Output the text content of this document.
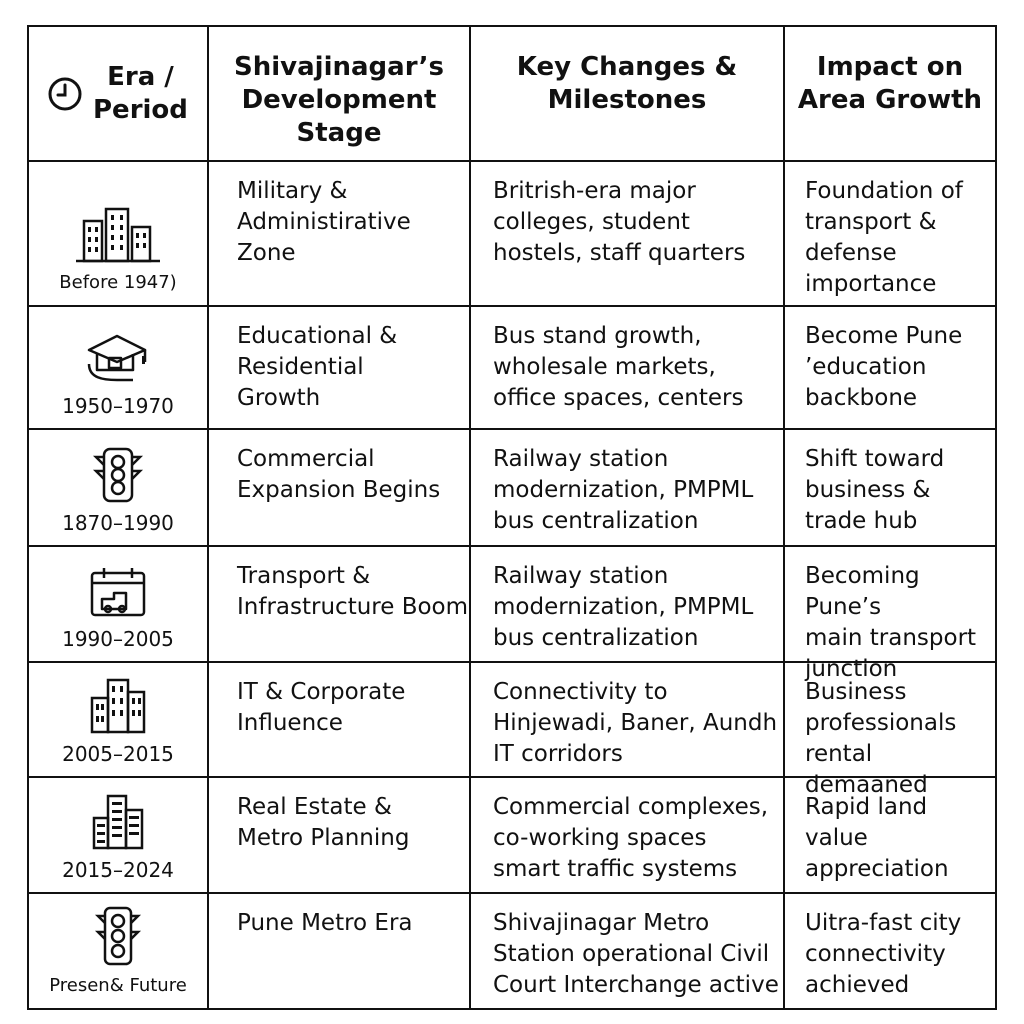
Era /
Period
Shivajinagar’s
Development
Stage
Key Changes &
Milestones
Impact on
Area Growth
Before 1947)
Military &
Administirative
Zone
Britrish-era major
colleges, student
hostels, staff quarters
Foundation of
transport &
defense
importance
1950–1970
Educational &
Residential
Growth
Bus stand growth,
wholesale markets,
office spaces, centers
Become Pune
’education
backbone
1870–1990
Commercial
Expansion Begins
Railway station
modernization, PMPML
bus centralization
Shift toward
business &
trade hub
1990–2005
Transport &
Infrastructure Boom
Railway station
modernization, PMPML
bus centralization
Becoming Pune’s
main transport
junction
2005–2015
IT & Corporate
Influence
Connectivity to
Hinjewadi, Baner, Aundh
IT corridors
Business
professionals
rental demaaned
2015–2024
Real Estate &
Metro Planning
Commercial complexes,
co-working spaces
smart traffic systems
Rapid land value
appreciation
Presen& Future
Pune Metro Era	Shivajinagar Metro
Station operational Civil
Court Interchange active
Uitra-fast city
connectivity
achieved
